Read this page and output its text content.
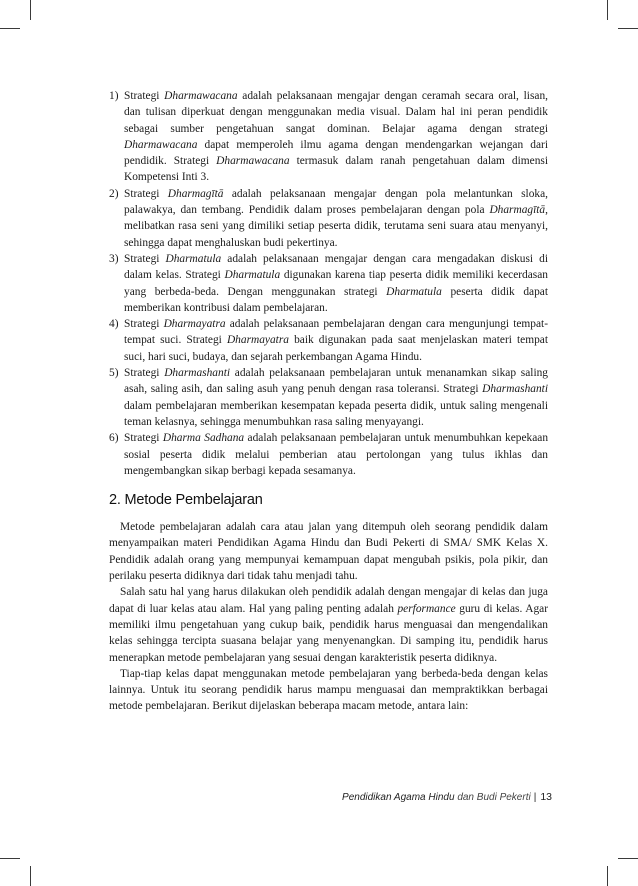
1) Strategi Dharmawacana adalah pelaksanaan mengajar dengan ceramah secara oral, lisan, dan tulisan diperkuat dengan menggunakan media visual. Dalam hal ini peran pendidik sebagai sumber pengetahuan sangat dominan. Belajar agama dengan strategi Dharmawacana dapat memperoleh ilmu agama dengan mendengarkan wejangan dari pendidik. Strategi Dharmawacana termasuk dalam ranah pengetahuan dalam dimensi Kompetensi Inti 3.
2) Strategi Dharmagītā adalah pelaksanaan mengajar dengan pola melantunkan sloka, palawakya, dan tembang. Pendidik dalam proses pembelajaran dengan pola Dharmagītā, melibatkan rasa seni yang dimiliki setiap peserta didik, terutama seni suara atau menyanyi, sehingga dapat menghaluskan budi pekertinya.
3) Strategi Dharmatula adalah pelaksanaan mengajar dengan cara mengadakan diskusi di dalam kelas. Strategi Dharmatula digunakan karena tiap peserta didik memiliki kecerdasan yang berbeda-beda. Dengan menggunakan strategi Dharmatula peserta didik dapat memberikan kontribusi dalam pembelajaran.
4) Strategi Dharmayatra adalah pelaksanaan pembelajaran dengan cara mengunjungi tempat-tempat suci. Strategi Dharmayatra baik digunakan pada saat menjelaskan materi tempat suci, hari suci, budaya, dan sejarah perkembangan Agama Hindu.
5) Strategi Dharmashanti adalah pelaksanaan pembelajaran untuk menanamkan sikap saling asah, saling asih, dan saling asuh yang penuh dengan rasa toleransi. Strategi Dharmashanti dalam pembelajaran memberikan kesempatan kepada peserta didik, untuk saling mengenali teman kelasnya, sehingga menumbuhkan rasa saling menyayangi.
6) Strategi Dharma Sadhana adalah pelaksanaan pembelajaran untuk menumbuhkan kepekaan sosial peserta didik melalui pemberian atau pertolongan yang tulus ikhlas dan mengembangkan sikap berbagi kepada sesamanya.
2. Metode Pembelajaran

Metode pembelajaran adalah cara atau jalan yang ditempuh oleh seorang pendidik dalam menyampaikan materi Pendidikan Agama Hindu dan Budi Pekerti di SMA/ SMK Kelas X. Pendidik adalah orang yang mempunyai kemampuan dapat mengubah psikis, pola pikir, dan perilaku peserta didiknya dari tidak tahu menjadi tahu.

Salah satu hal yang harus dilakukan oleh pendidik adalah dengan mengajar di kelas dan juga dapat di luar kelas atau alam. Hal yang paling penting adalah performance guru di kelas. Agar memiliki ilmu pengetahuan yang cukup baik, pendidik harus menguasai dan mengendalikan kelas sehingga tercipta suasana belajar yang menyenangkan. Di samping itu, pendidik harus menerapkan metode pembelajaran yang sesuai dengan karakteristik peserta didiknya.

Tiap-tiap kelas dapat menggunakan metode pembelajaran yang berbeda-beda dengan kelas lainnya. Untuk itu seorang pendidik harus mampu menguasai dan mempraktikkan berbagai metode pembelajaran. Berikut dijelaskan beberapa macam metode, antara lain:

Pendidikan Agama Hindu dan Budi Pekerti | 13
